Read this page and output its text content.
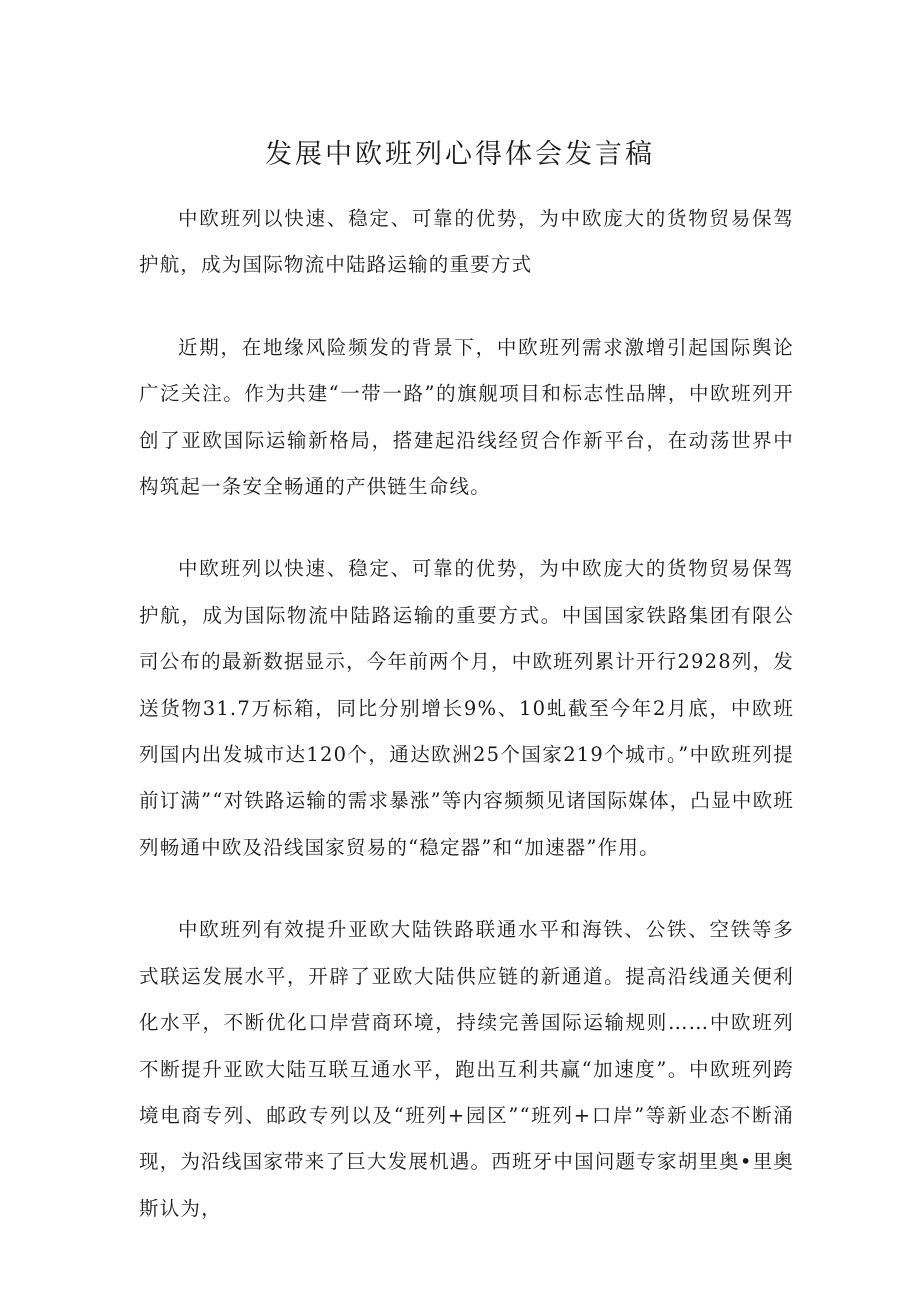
发展中欧班列心得体会发言稿

中欧班列以快速、稳定、可靠的优势，为中欧庞大的货物贸易保驾护航，成为国际物流中陆路运输的重要方式

近期，在地缘风险频发的背景下，中欧班列需求激增引起国际舆论广泛关注。作为共建“一带一路”的旗舰项目和标志性品牌，中欧班列开创了亚欧国际运输新格局，搭建起沿线经贸合作新平台，在动荡世界中构筑起一条安全畅通的产供链生命线。

中欧班列以快速、稳定、可靠的优势，为中欧庞大的货物贸易保驾护航，成为国际物流中陆路运输的重要方式。中国国家铁路集团有限公司公布的最新数据显示，今年前两个月，中欧班列累计开行2928列，发送货物31.7万标箱，同比分别增长9%、10虬截至今年2月底，中欧班列国内出发城市达120个，通达欧洲25个国家219个城市。”中欧班列提前订满”“对铁路运输的需求暴涨”等内容频频见诸国际媒体，凸显中欧班列畅通中欧及沿线国家贸易的“稳定器”和“加速器”作用。

中欧班列有效提升亚欧大陆铁路联通水平和海铁、公铁、空铁等多式联运发展水平，开辟了亚欧大陆供应链的新通道。提高沿线通关便利化水平，不断优化口岸营商环境，持续完善国际运输规则……中欧班列不断提升亚欧大陆互联互通水平，跑出互利共赢“加速度”。中欧班列跨境电商专列、邮政专列以及“班列+园区”“班列+口岸”等新业态不断涌现，为沿线国家带来了巨大发展机遇。西班牙中国问题专家胡里奥•里奥斯认为，
